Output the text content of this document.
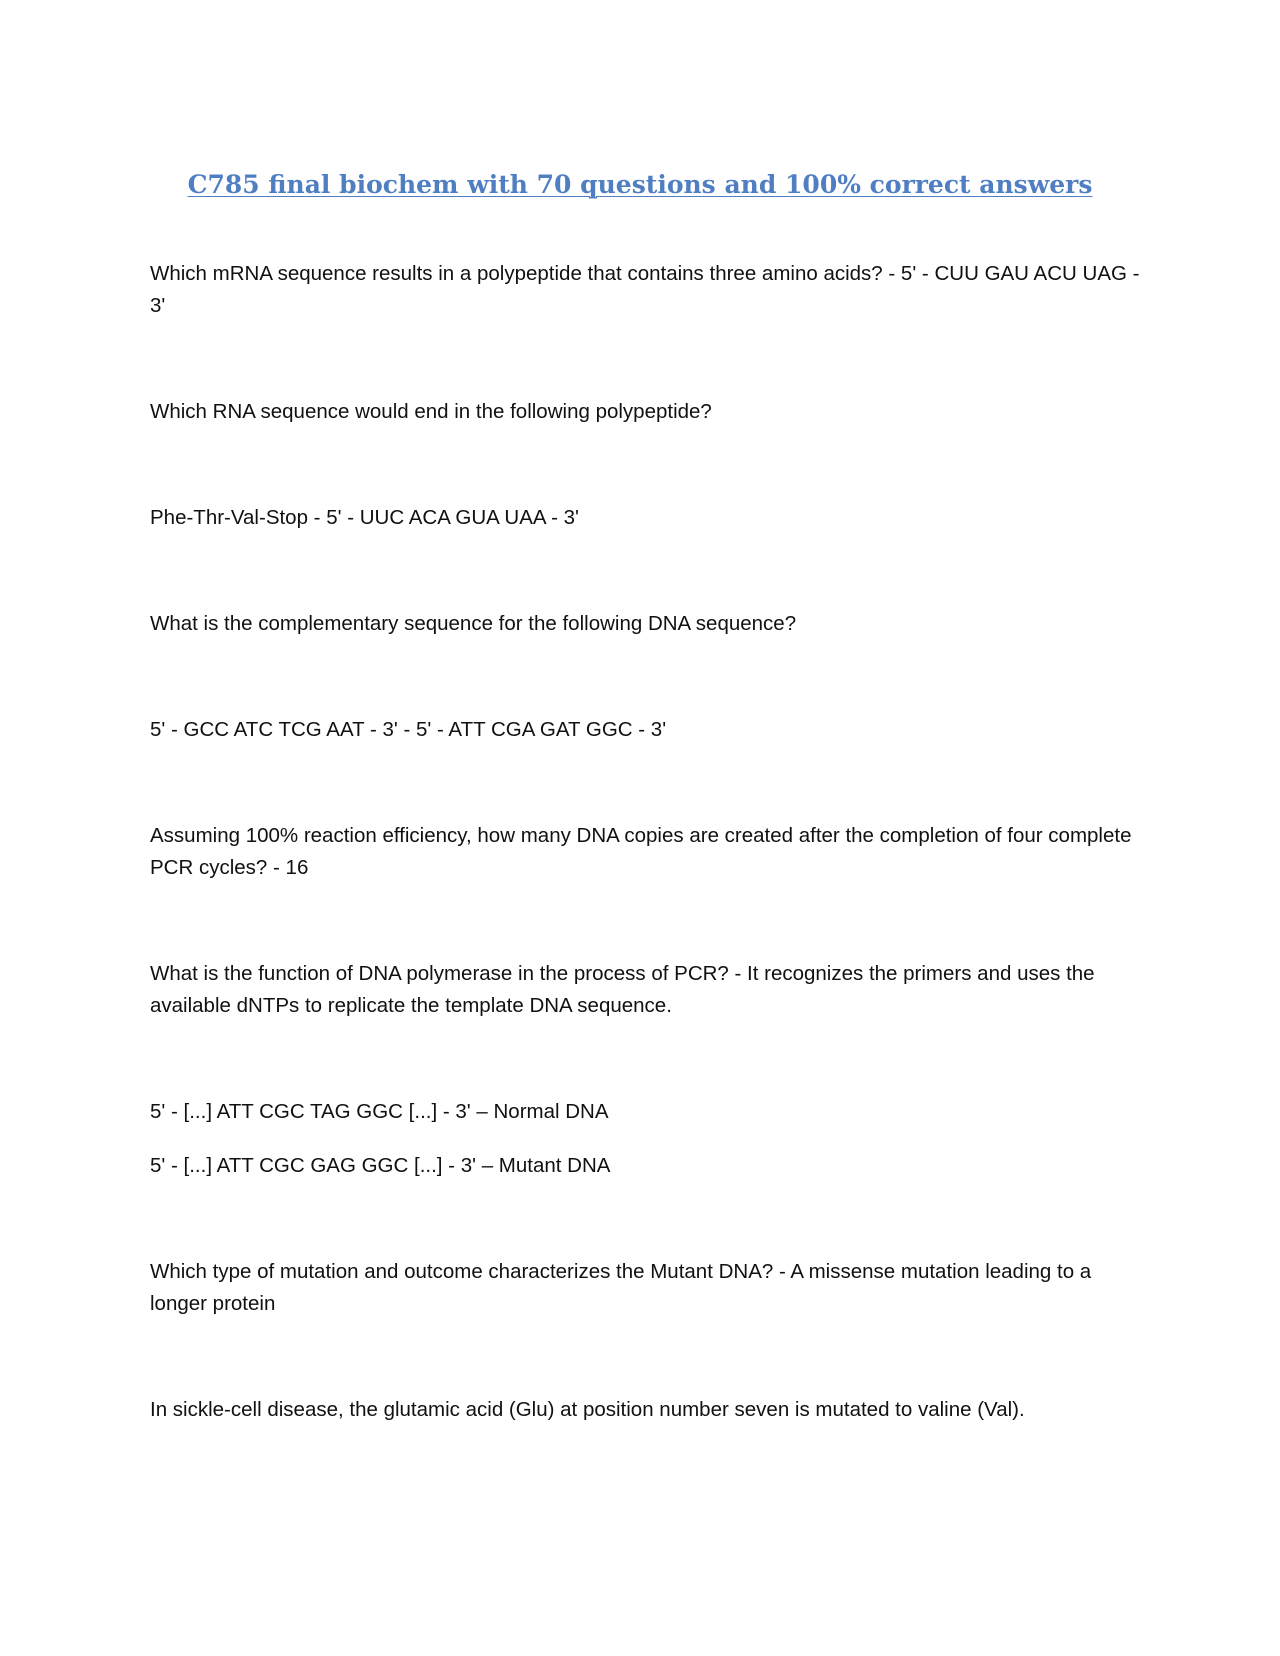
C785 final biochem with 70 questions and 100% correct answers

Which mRNA sequence results in a polypeptide that contains three amino acids? - 5' - CUU GAU ACU UAG - 3'

Which RNA sequence would end in the following polypeptide?

Phe-Thr-Val-Stop - 5' - UUC ACA GUA UAA - 3'

What is the complementary sequence for the following DNA sequence?

5' - GCC ATC TCG AAT - 3' - 5' - ATT CGA GAT GGC - 3'

Assuming 100% reaction efficiency, how many DNA copies are created after the completion of four complete PCR cycles? - 16

What is the function of DNA polymerase in the process of PCR? - It recognizes the primers and uses the available dNTPs to replicate the template DNA sequence.

5' - [...] ATT CGC TAG GGC [...] - 3' – Normal DNA

5' - [...] ATT CGC GAG GGC [...] - 3' – Mutant DNA

Which type of mutation and outcome characterizes the Mutant DNA? - A missense mutation leading to a longer protein

In sickle-cell disease, the glutamic acid (Glu) at position number seven is mutated to valine (Val).
